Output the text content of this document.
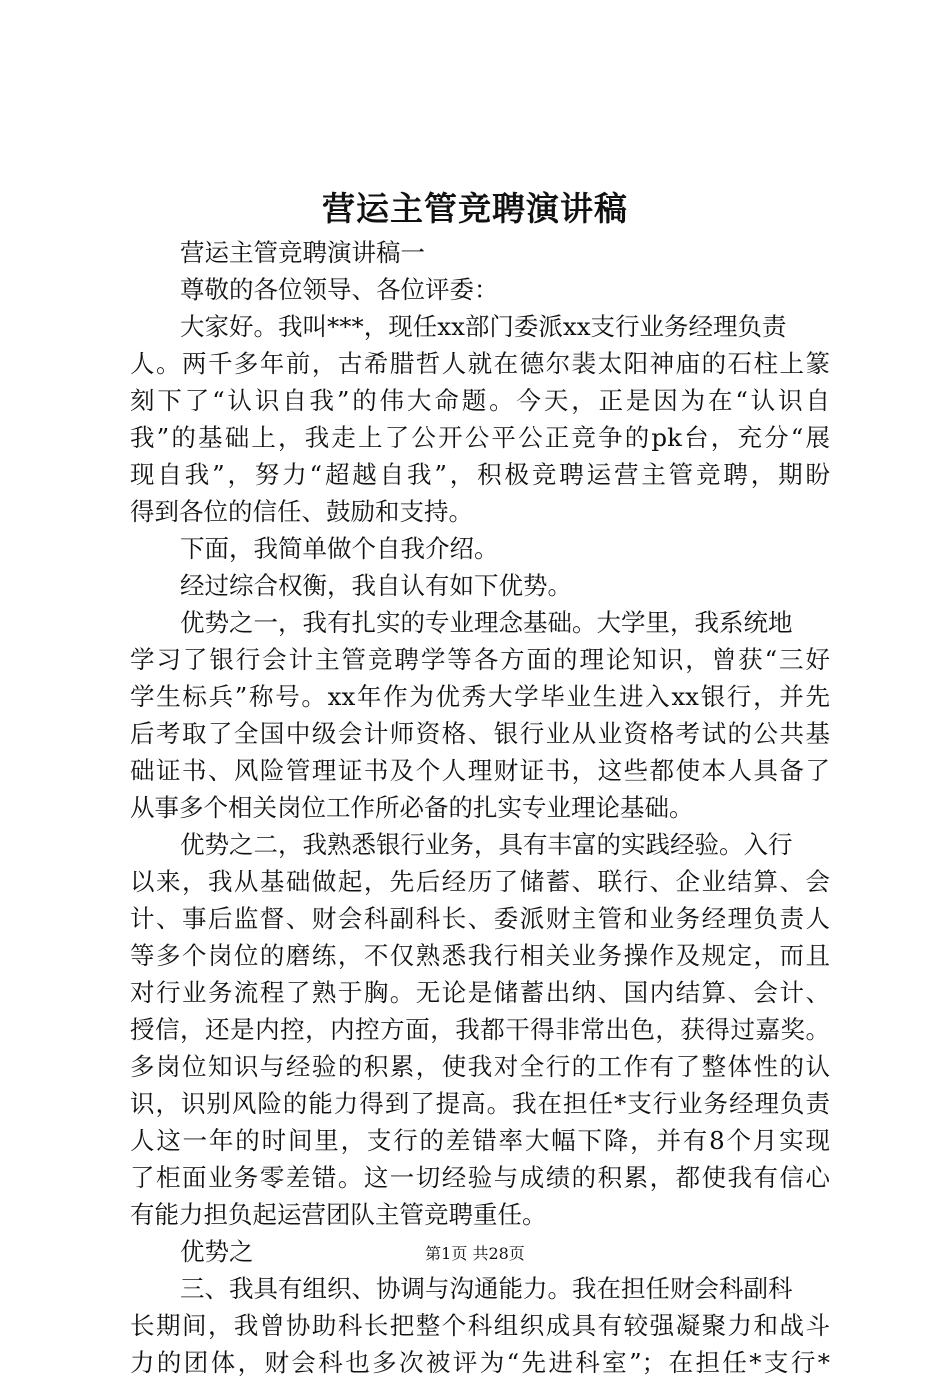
营运主管竞聘演讲稿
营运主管竞聘演讲稿一
尊敬的各位领导、各位评委：
大家好。我叫***，现任xx部门委派xx支行业务经理负责
人。两千多年前，古希腊哲人就在德尔裴太阳神庙的石柱上篆
刻下了“认识自我”的伟大命题。今天，正是因为在“认识自
我”的基础上，我走上了公开公平公正竞争的pk台，充分“展
现自我”，努力“超越自我”，积极竞聘运营主管竞聘，期盼
得到各位的信任、鼓励和支持。
下面，我简单做个自我介绍。
经过综合权衡，我自认有如下优势。
优势之一，我有扎实的专业理念基础。大学里，我系统地
学习了银行会计主管竞聘学等各方面的理论知识，曾获“三好
学生标兵”称号。xx年作为优秀大学毕业生进入xx银行，并先
后考取了全国中级会计师资格、银行业从业资格考试的公共基
础证书、风险管理证书及个人理财证书，这些都使本人具备了
从事多个相关岗位工作所必备的扎实专业理论基础。
优势之二，我熟悉银行业务，具有丰富的实践经验。入行
以来，我从基础做起，先后经历了储蓄、联行、企业结算、会
计、事后监督、财会科副科长、委派财主管和业务经理负责人
等多个岗位的磨练，不仅熟悉我行相关业务操作及规定，而且
对行业务流程了熟于胸。无论是储蓄出纳、国内结算、会计、
授信，还是内控，内控方面，我都干得非常出色，获得过嘉奖。
多岗位知识与经验的积累，使我对全行的工作有了整体性的认
识，识别风险的能力得到了提高。我在担任*支行业务经理负责
人这一年的时间里，支行的差错率大幅下降，并有8个月实现
了柜面业务零差错。这一切经验与成绩的积累，都使我有信心
有能力担负起运营团队主管竞聘重任。
优势之
三、我具有组织、协调与沟通能力。我在担任财会科副科
长期间，我曾协助科长把整个科组织成具有较强凝聚力和战斗
力的团体，财会科也多次被评为“先进科室”；在担任*支行*
第1页 共28页
